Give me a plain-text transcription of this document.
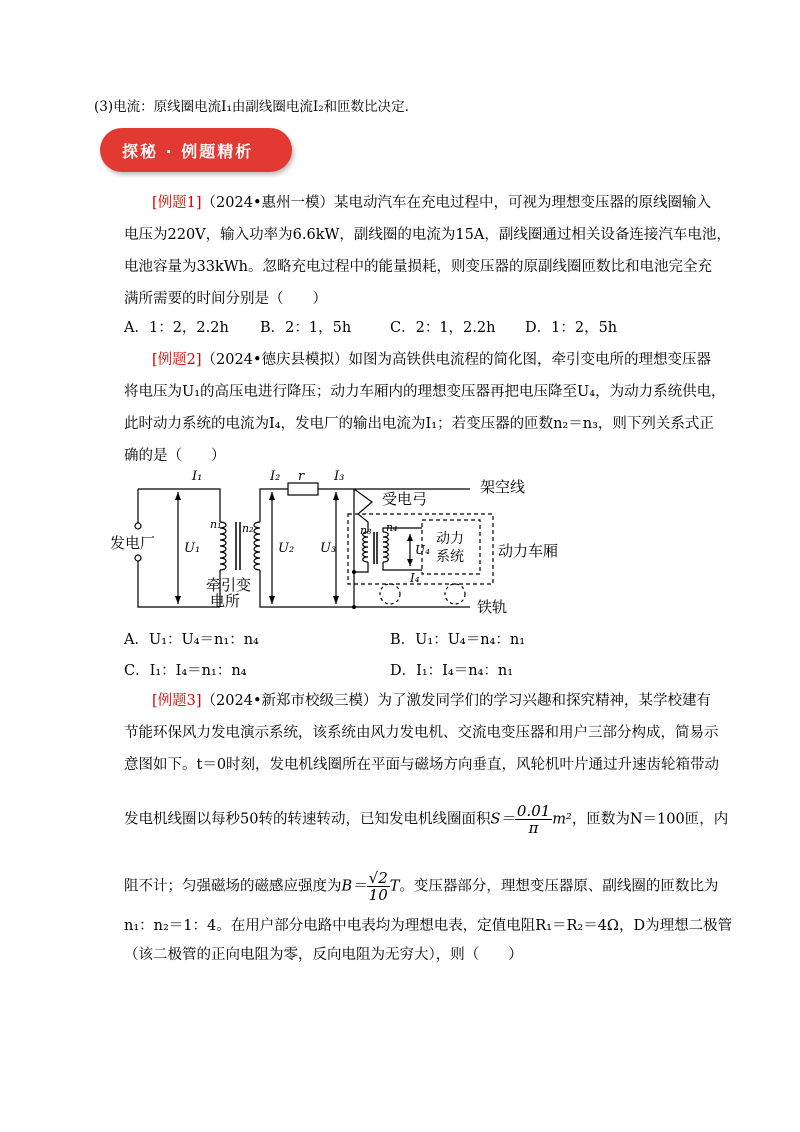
(3)电流：原线圈电流I₁由副线圈电流I₂和匝数比决定.
探秘 · 例题精析
[例题1]（2024•惠州一模）某电动汽车在充电过程中，可视为理想变压器的原线圈输入
电压为220V，输入功率为6.6kW，副线圈的电流为15A，副线圈通过相关设备连接汽车电池，
电池容量为33kWh。忽略充电过程中的能量损耗，则变压器的原副线圈匝数比和电池完全充
满所需要的时间分别是（　　）
A．1：2，2.2h B．2：1，5h	C．2：1，2.2h D．1：2，5h
[例题2]（2024•德庆县模拟）如图为高铁供电流程的简化图，牵引变电所的理想变压器
将电压为U₁的高压电进行降压；动力车厢内的理想变压器再把电压降至U₄，为动力系统供电，
此时动力系统的电流为I₄，发电厂的输出电流为I₁；若变压器的匝数n₂＝n₃，则下列关系式正
确的是（　　）
I₁	I₂ r I₃
U₁	U₂ U₃
n₁ n₂	n₃ n₄
U₄
I₄
发电厂
牵引变
电所
受电弓
架空线
动力
系统 动力车厢
铁轨
A．U₁：U₄＝n₁：n₄	B．U₁：U₄＝n₄：n₁
C．I₁：I₄＝n₁：n₄	D．I₁：I₄＝n₄：n₁
[例题3]（2024•新郑市校级三模）为了激发同学们的学习兴趣和探究精神，某学校建有
节能环保风力发电演示系统，该系统由风力发电机、交流电变压器和用户三部分构成，简易示
意图如下。t＝0时刻，发电机线圈所在平面与磁场方向垂直，风轮机叶片通过升速齿轮箱带动
发电机线圈以每秒50转的转速转动，已知发电机线圈面积$S= \frac{0.01}{\pi} m^2$，匝数为N＝100匝，内
阻不计；匀强磁场的磁感应强度为$B= \frac{√2}{10}$ T。变压器部分，理想变压器原、副线圈的匝数比为
n₁：n₂＝1：4。在用户部分电路中电表均为理想电表，定值电阻R₁＝R₂＝4Ω，D为理想二极管
（该二极管的正向电阻为零，反向电阻为无穷大），则（　　）
